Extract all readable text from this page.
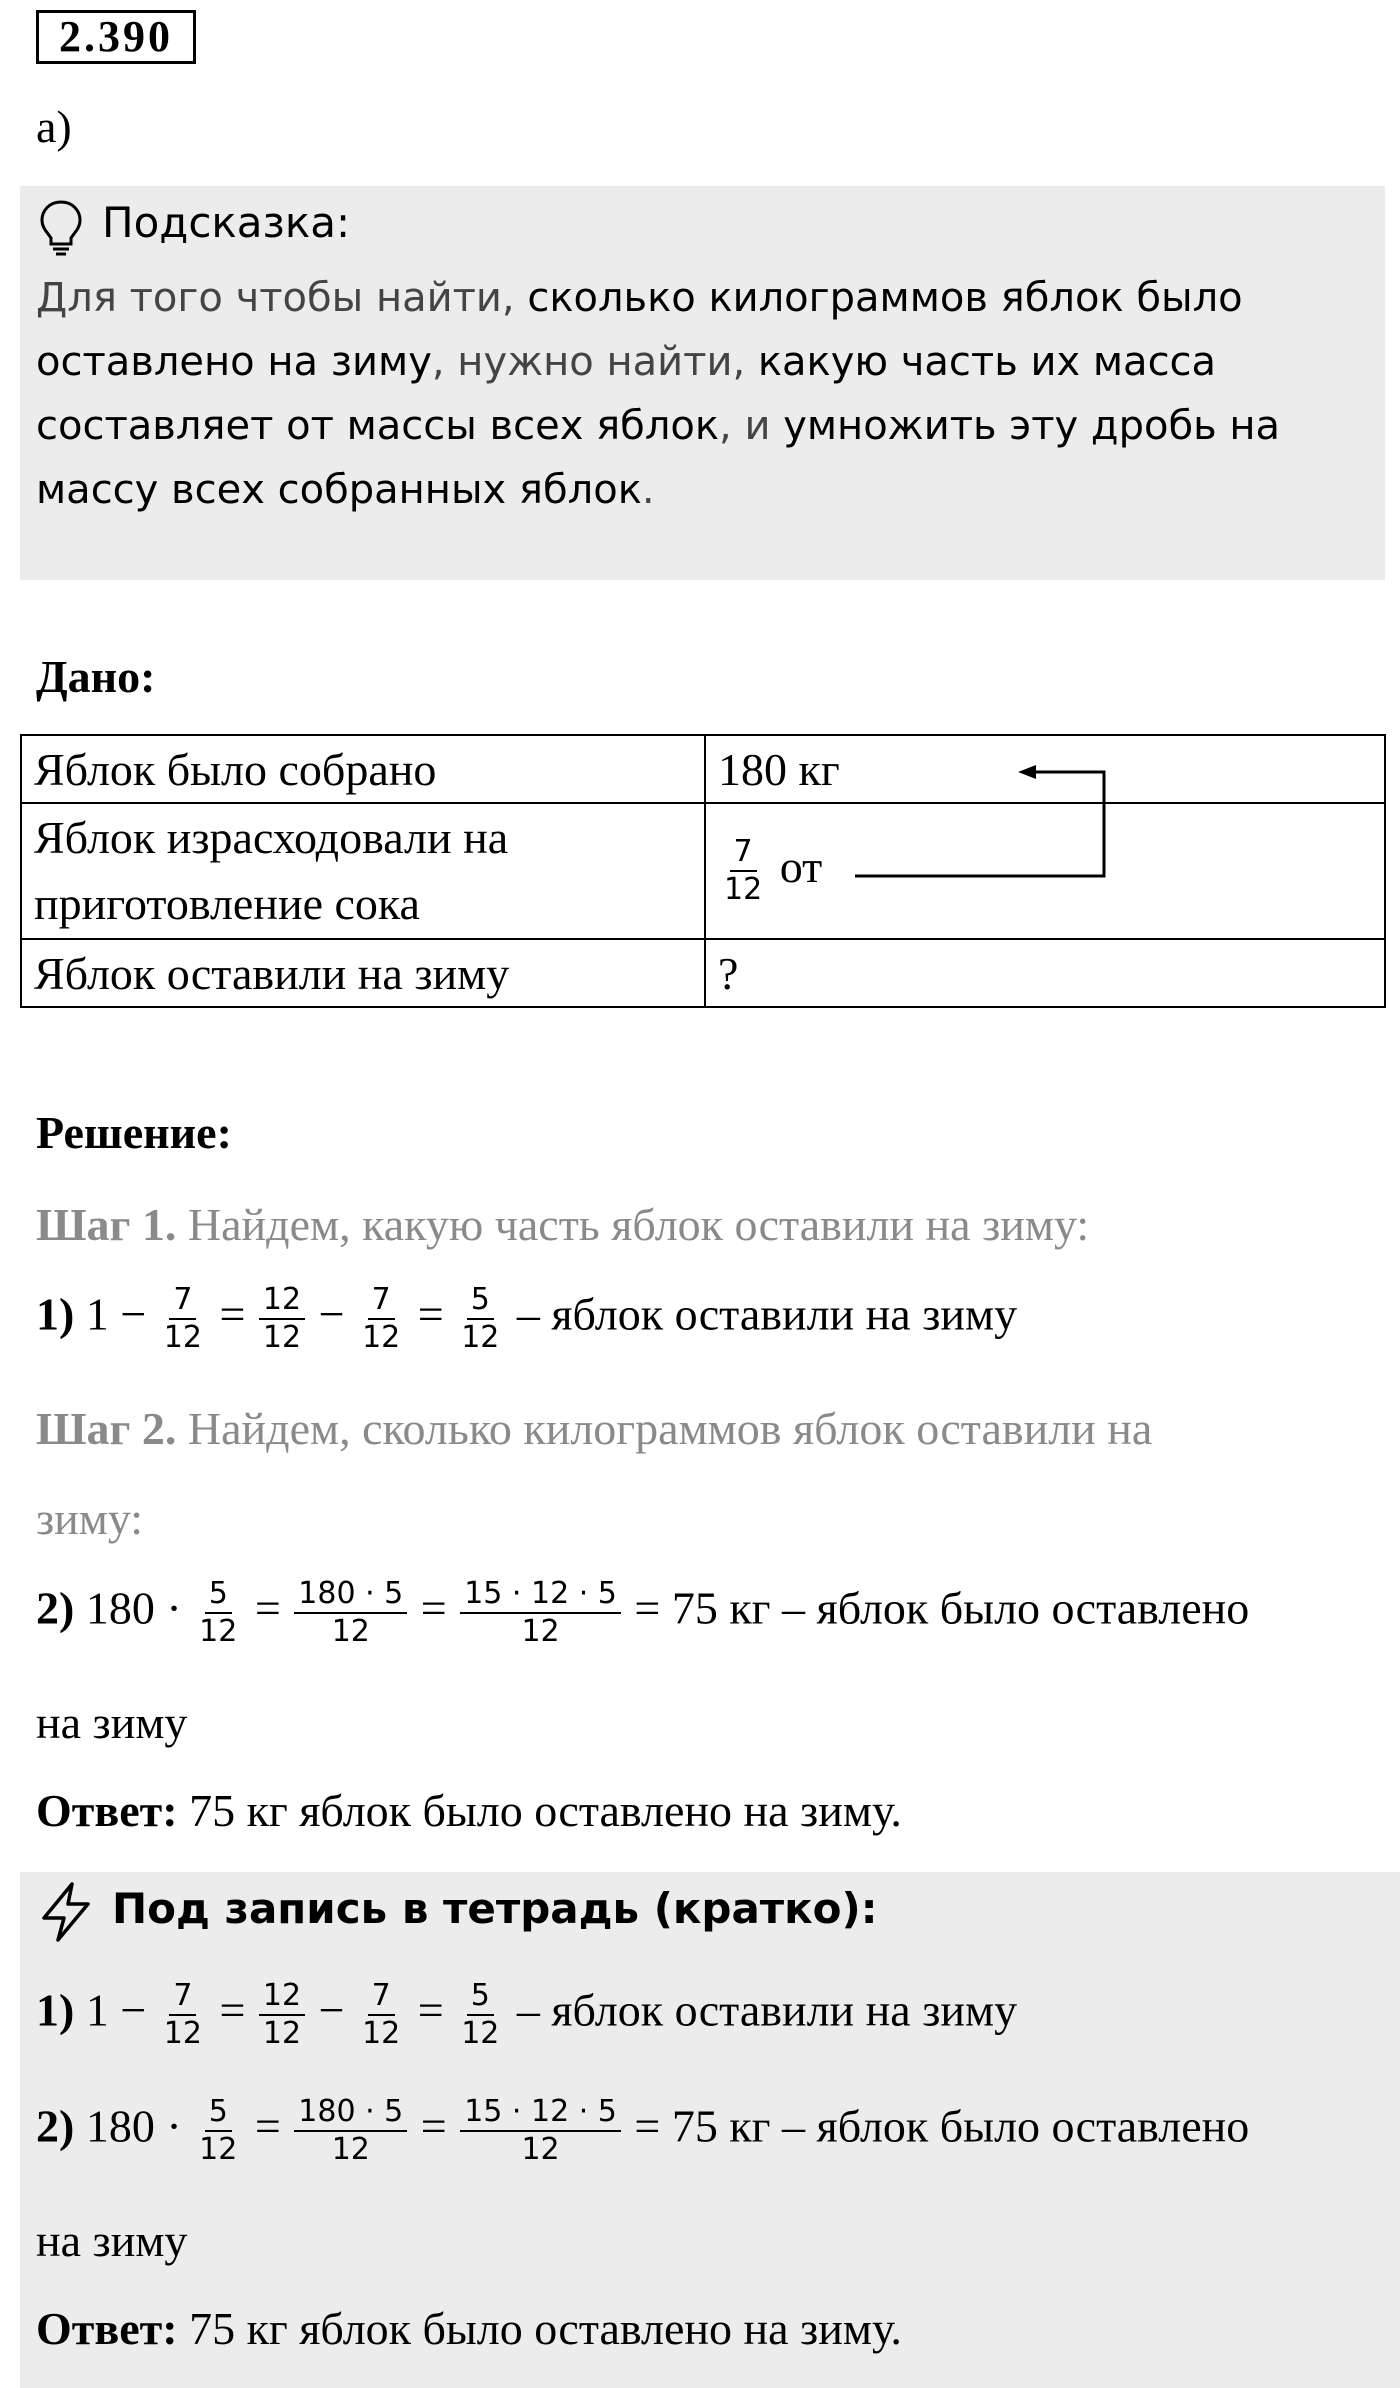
2.390
а)
Подсказка:
Для того чтобы найти, сколько килограммов яблок было оставлено на зиму, нужно найти, какую часть их масса составляет от массы всех яблок, и умножить эту дробь на массу всех собранных яблок.
Дано:
Яблок было собрано	180 кг
Яблок израсходовали на
приготовление сока	$\frac{7}{12}$ от
Яблок оставили на зиму	?
Решение:
Шаг 1. Найдем, какую часть яблок оставили на зиму:
1) $1 - \frac{7}{12} = \frac{12}{12} - \frac{7}{12} = \frac{5}{12}$ – яблок оставили на зиму
Шаг 2. Найдем, сколько килограммов яблок оставили на
зиму:
2) $180 \cdot \frac{5}{12} = \frac{180 \cdot 5}{12} = \frac{15 \cdot 12 \cdot 5}{12} = 75$ кг – яблок было оставлено
на зиму
Ответ: 75 кг яблок было оставлено на зиму.
Под запись в тетрадь (кратко):
1) $1 - \frac{7}{12} = \frac{12}{12} - \frac{7}{12} = \frac{5}{12}$ – яблок оставили на зиму
2) $180 \cdot \frac{5}{12} = \frac{180 \cdot 5}{12} = \frac{15 \cdot 12 \cdot 5}{12} = 75$ кг – яблок было оставлено
на зиму
Ответ: 75 кг яблок было оставлено на зиму.
